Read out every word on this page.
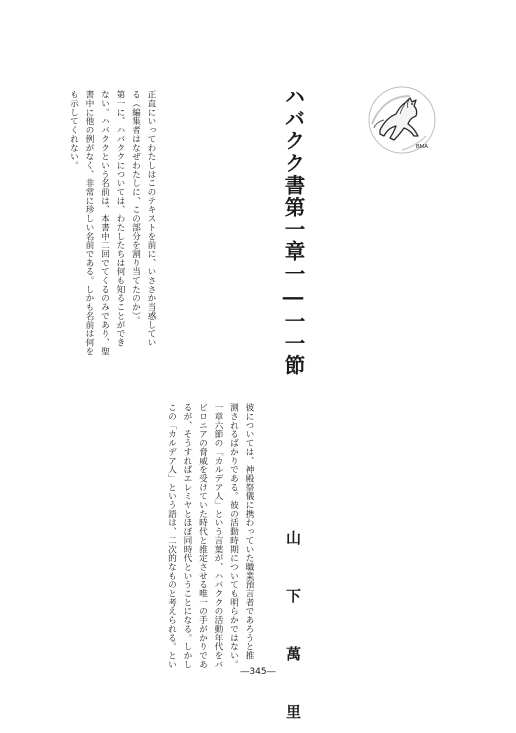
BMA
ハバクク書第一章一―一一節
正直にいってわたしはこのテキストを前に、いささか当惑してい
る（編集者はなぜわたしに、この部分を割り当てたのか）。
第一に、ハバククについては、わたしたちは何も知ることができ
ない。ハバククという名前は、本書中二回でてくるのみであり、聖
書中に他の例がなく、非常に珍しい名前である。しかも名前は何を
も示してくれない。
彼については、神殿祭儀に携わっていた職業預言者であろうと推
測されるばかりである。彼の活動時期についても明らかではない。
一章六節の「カルデア人」という言葉が、ハバククの活動年代をバ
ビロニアの脅威を受けていた時代と推定させる唯一の手がかりであ
るが、そうすればエレミヤとほぼ同時代ということになる。しかし
この「カルデア人」という語は、二次的なものと考えられる。とい	山　下　萬　里
―345―
